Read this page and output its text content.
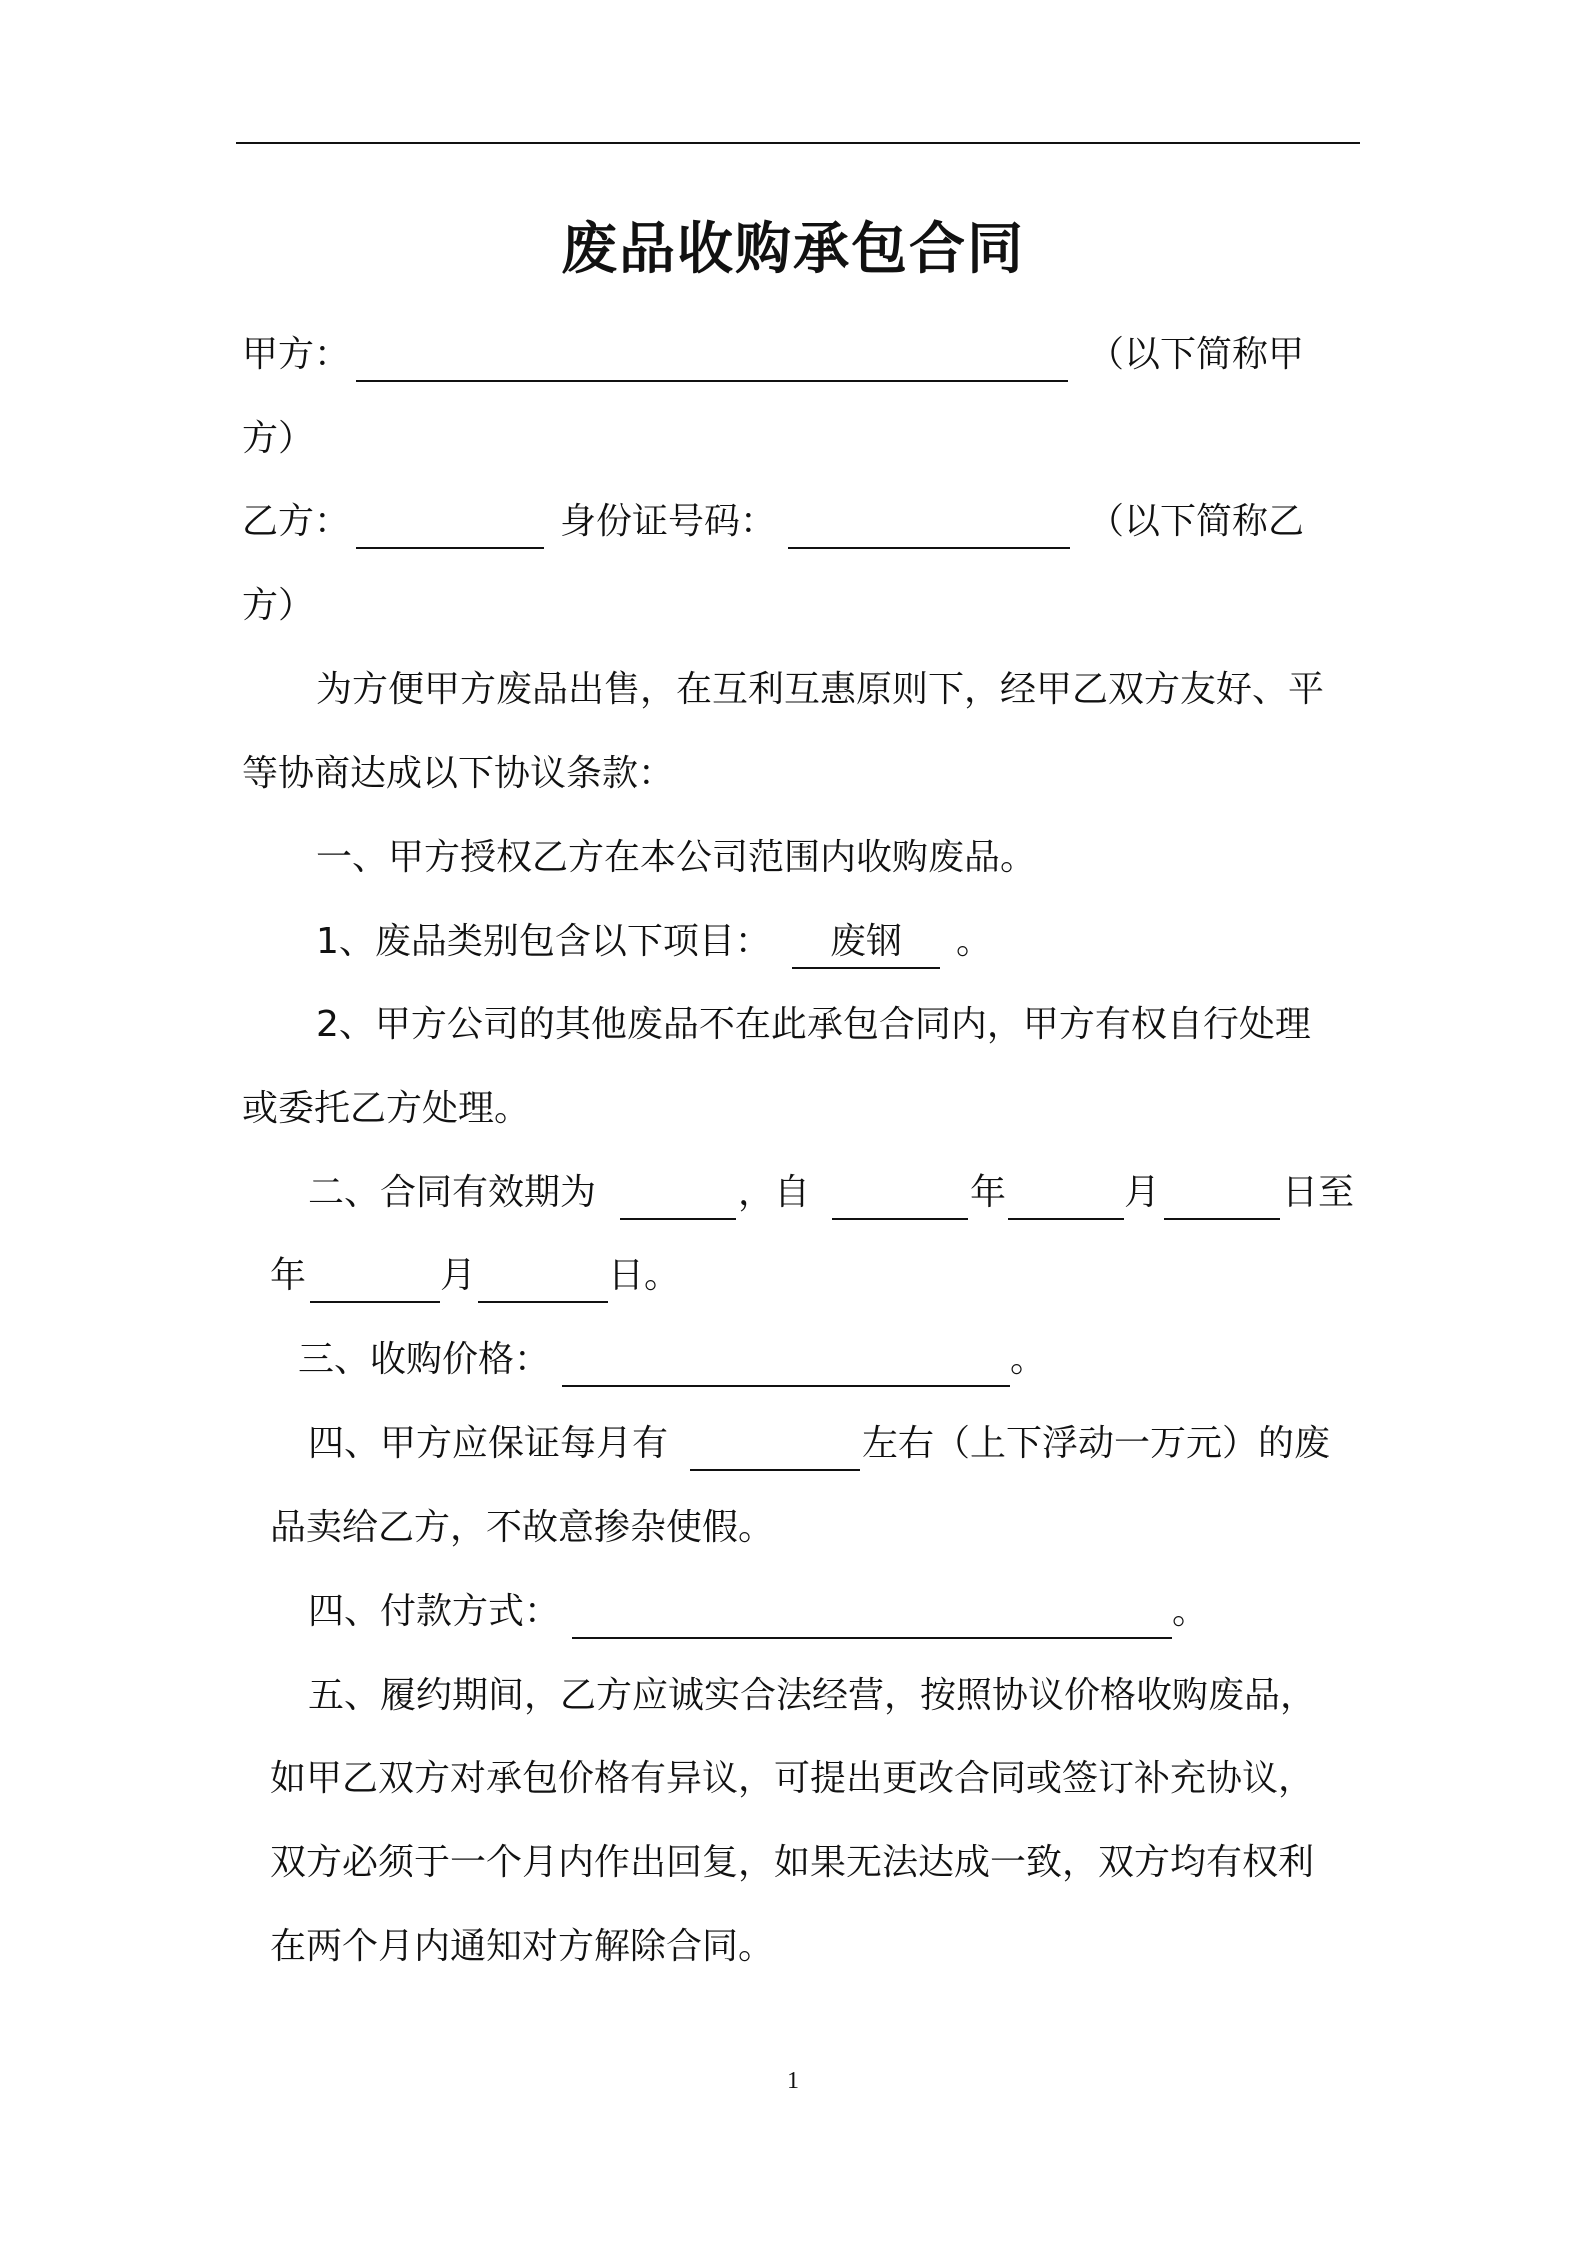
废品收购承包合同
甲方：	（以下简称甲
方）
乙方：	身份证号码：	（以下简称乙
方）
为方便甲方废品出售，在互利互惠原则下，经甲乙双方友好、平
等协商达成以下协议条款：
一、甲方授权乙方在本公司范围内收购废品。
1、废品类别包含以下项目：	废钢	。
2、甲方公司的其他废品不在此承包合同内，甲方有权自行处理
或委托乙方处理。
二、合同有效期为	，自	年	月	日至
年	月	日。
三、收购价格：	。
四、甲方应保证每月有	左右（上下浮动一万元）的废
品卖给乙方，不故意掺杂使假。
四、付款方式：	。
五、履约期间，乙方应诚实合法经营，按照协议价格收购废品，
如甲乙双方对承包价格有异议，可提出更改合同或签订补充协议，
双方必须于一个月内作出回复，如果无法达成一致，双方均有权利
在两个月内通知对方解除合同。
1
